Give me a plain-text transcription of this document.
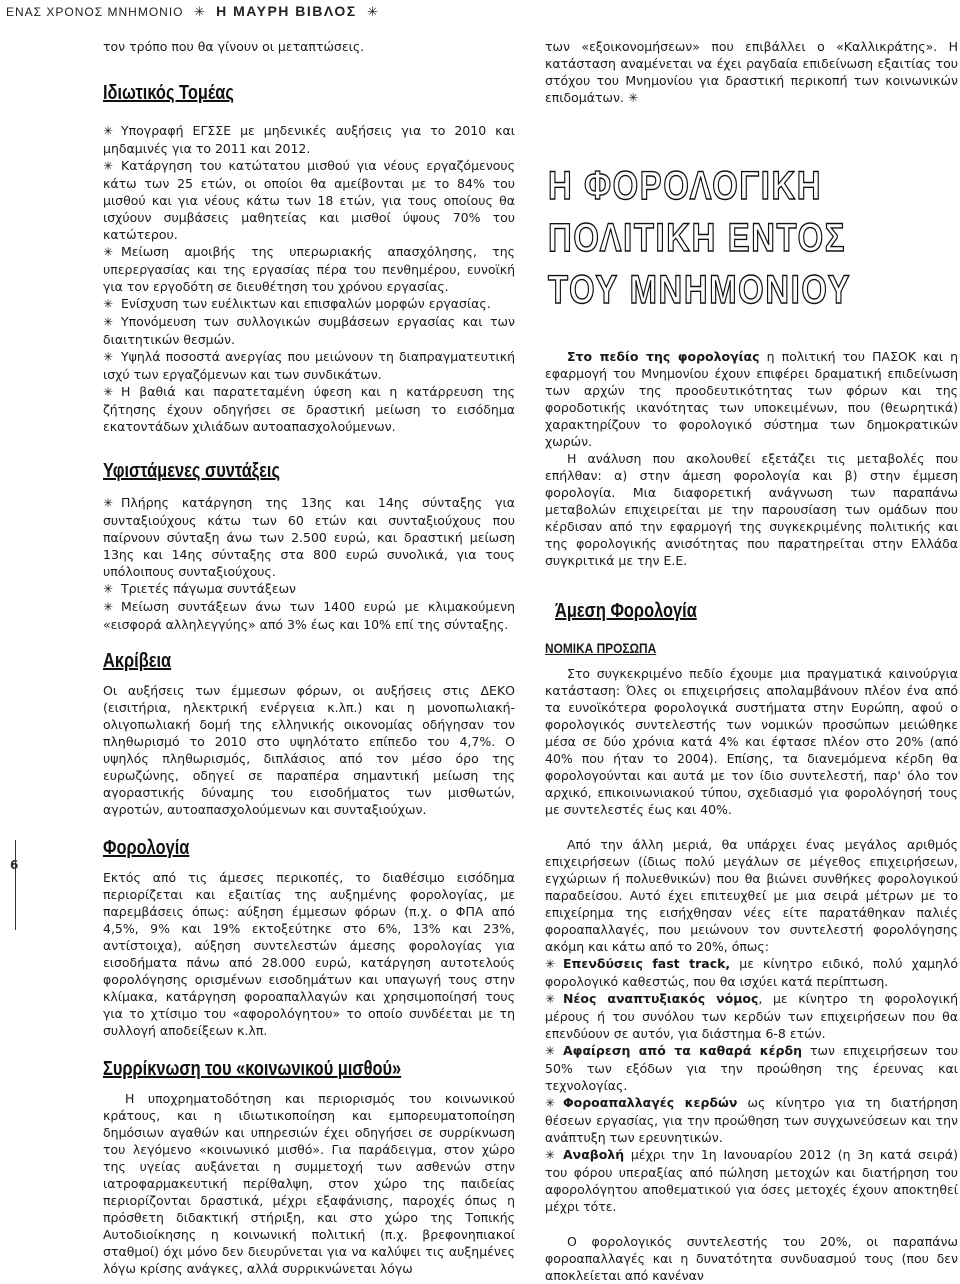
ΕΝΑΣ ΧΡΟΝΟΣ ΜΝΗΜΟΝΙΟ ✳ Η ΜΑΥΡΗ ΒΙΒΛΟΣ ✳
6

τον τρόπο που θα γίνουν οι μεταπτώσεις.

Ιδιωτικός Τομέας

✳ Υπογραφή ΕΓΣΣΕ με μηδενικές αυξήσεις για το 2010 και μηδαμινές για το 2011 και 2012.

✳ Κατάργηση του κατώτατου μισθού για νέους εργαζόμενους κάτω των 25 ετών, οι οποίοι θα αμείβονται με το 84% του μισθού και για νέους κάτω των 18 ετών, για τους οποίους θα ισχύουν συμβάσεις μαθητείας και μισθοί ύψους 70% του κατώτερου.

✳ Μείωση αμοιβής της υπερωριακής απασχόλησης, της υπερεργασίας και της εργασίας πέρα του πενθημέρου, ευνοϊκή για τον εργοδότη σε διευθέτηση του χρόνου εργασίας.

✳ Ενίσχυση των ευέλικτων και επισφαλών μορφών εργασίας.

✳ Υπονόμευση των συλλογικών συμβάσεων εργασίας και των διαιτητικών θεσμών.

✳ Υψηλά ποσοστά ανεργίας που μειώνουν τη διαπραγματευτική ισχύ των εργαζόμενων και των συνδικάτων.

✳ Η βαθιά και παρατεταμένη ύφεση και η κατάρρευση της ζήτησης έχουν οδηγήσει σε δραστική μείωση το εισόδημα εκατοντάδων χιλιάδων αυτοαπασχολούμενων.

Υφιστάμενες συντάξεις

✳ Πλήρης κατάργηση της 13ης και 14ης σύνταξης για συνταξιούχους κάτω των 60 ετών και συνταξιούχους που παίρνουν σύνταξη άνω των 2.500 ευρώ, και δραστική μείωση 13ης και 14ης σύνταξης στα 800 ευρώ συνολικά, για τους υπόλοιπους συνταξιούχους.

✳ Τριετές πάγωμα συντάξεων

✳ Μείωση συντάξεων άνω των 1400 ευρώ με κλιμακούμενη «εισφορά αλληλεγγύης» από 3% έως και 10% επί της σύνταξης.

Ακρίβεια

Οι αυξήσεις των έμμεσων φόρων, οι αυξήσεις στις ΔΕΚΟ (εισιτήρια, ηλεκτρική ενέργεια κ.λπ.) και η μονοπωλιακή-ολιγοπωλιακή δομή της ελληνικής οικονομίας οδήγησαν τον πληθωρισμό το 2010 στο υψηλότατο επίπεδο του 4,7%. Ο υψηλός πληθωρισμός, διπλάσιος από τον μέσο όρο της ευρωζώνης, οδηγεί σε παραπέρα σημαντική μείωση της αγοραστικής δύναμης του εισοδήματος των μισθωτών, αγροτών, αυτοαπασχολούμενων και συνταξιούχων.

Φορολογία

Εκτός από τις άμεσες περικοπές, το διαθέσιμο εισόδημα περιορίζεται και εξαιτίας της αυξημένης φορολογίας, με παρεμβάσεις όπως: αύξηση έμμεσων φόρων (π.χ. ο ΦΠΑ από 4,5%, 9% και 19% εκτοξεύτηκε στο 6%, 13% και 23%, αντίστοιχα), αύξηση συντελεστών άμεσης φορολογίας για εισοδήματα πάνω από 28.000 ευρώ, κατάργηση αυτοτελούς φορολόγησης ορισμένων εισοδημάτων και υπαγωγή τους στην κλίμακα, κατάργηση φοροαπαλλαγών και χρησιμοποίησή τους για το χτίσιμο του «αφορολόγητου» το οποίο συνδέεται με τη συλλογή αποδείξεων κ.λπ.

Συρρίκνωση του «κοινωνικού μισθού»

Η υποχρηματοδότηση και περιορισμός του κοινωνικού κράτους, και η ιδιωτικοποίηση και εμπορευματοποίηση δημόσιων αγαθών και υπηρεσιών έχει οδηγήσει σε συρρίκνωση του λεγόμενο «κοινωνικό μισθό». Για παράδειγμα, στον χώρο της υγείας αυξάνεται η συμμετοχή των ασθενών στην ιατροφαρμακευτική περίθαλψη, στον χώρο της παιδείας περιορίζονται δραστικά, μέχρι εξαφάνισης, παροχές όπως η πρόσθετη διδακτική στήριξη, και στο χώρο της Τοπικής Αυτοδιοίκησης η κοινωνική πολιτική (π.χ. βρεφονηπιακοί σταθμοί) όχι μόνο δεν διευρύνεται για να καλύψει τις αυξημένες λόγω κρίσης ανάγκες, αλλά συρρικνώνεται λόγω

των «εξοικονομήσεων» που επιβάλλει ο «Καλλικράτης». Η κατάσταση αναμένεται να έχει ραγδαία επιδείνωση εξαιτίας του στόχου του Μνημονίου για δραστική περικοπή των κοινωνικών επιδομάτων. ✳

Η ΦΟΡΟΛΟΓΙΚΗ
ΠΟΛΙΤΙΚΗ ΕΝΤΟΣ
ΤΟΥ ΜΝΗΜΟΝΙΟΥ

Στο πεδίο της φορολογίας η πολιτική του ΠΑΣΟΚ και η εφαρμογή του Μνημονίου έχουν επιφέρει δραματική επιδείνωση των αρχών της προοδευτικότητας των φόρων και της φοροδοτικής ικανότητας των υποκειμένων, που (θεωρητικά) χαρακτηρίζουν το φορολογικό σύστημα των δημοκρατικών χωρών.

Η ανάλυση που ακολουθεί εξετάζει τις μεταβολές που επήλθαν: α) στην άμεση φορολογία και β) στην έμμεση φορολογία. Μια διαφορετική ανάγνωση των παραπάνω μεταβολών επιχειρείται με την παρουσίαση των ομάδων που κέρδισαν από την εφαρμογή της συγκεκριμένης πολιτικής και της φορολογικής ανισότητας που παρατηρείται στην Ελλάδα συγκριτικά με την Ε.Ε.

Άμεση Φορολογία
ΝΟΜΙΚΑ ΠΡΟΣΩΠΑ

Στο συγκεκριμένο πεδίο έχουμε μια πραγματικά καινούργια κατάσταση: Όλες οι επιχειρήσεις απολαμβάνουν πλέον ένα από τα ευνοϊκότερα φορολογικά συστήματα στην Ευρώπη, αφού ο φορολογικός συντελεστής των νομικών προσώπων μειώθηκε μέσα σε δύο χρόνια κατά 4% και έφτασε πλέον στο 20% (από 40% που ήταν το 2004). Επίσης, τα διανεμόμενα κέρδη θα φορολογούνται και αυτά με τον ίδιο συντελεστή, παρ' όλο τον αρχικό, επικοινωνιακού τύπου, σχεδιασμό για φορολόγησή τους με συντελεστές έως και 40%.

Από την άλλη μεριά, θα υπάρχει ένας μεγάλος αριθμός επιχειρήσεων (ίδιως πολύ μεγάλων σε μέγεθος επιχειρήσεων, εγχώριων ή πολυεθνικών) που θα βιώνει συνθήκες φορολογικού παραδείσου. Αυτό έχει επιτευχθεί με μια σειρά μέτρων με το επιχείρημα της εισήχθησαν νέες είτε παρατάθηκαν παλιές φοροαπαλλαγές, που μειώνουν τον συντελεστή φορολόγησης ακόμη και κάτω από το 20%, όπως:

✳ Επενδύσεις fast track, με κίνητρο ειδικό, πολύ χαμηλό φορολογικό καθεστώς, που θα ισχύει κατά περίπτωση.

✳ Νέος αναπτυξιακός νόμος, με κίνητρο τη φορολογική μέρους ή του συνόλου των κερδών των επιχειρήσεων που θα επενδύουν σε αυτόν, για διάστημα 6-8 ετών.

✳ Αφαίρεση από τα καθαρά κέρδη των επιχειρήσεων του 50% των εξόδων για την προώθηση της έρευνας και τεχνολογίας.

✳ Φοροαπαλλαγές κερδών ως κίνητρο για τη διατήρηση θέσεων εργασίας, για την προώθηση των συγχωνεύσεων και την ανάπτυξη των ερευνητικών.

✳ Αναβολή μέχρι την 1η Ιανουαρίου 2012 (η 3η κατά σειρά) του φόρου υπεραξίας από πώληση μετοχών και διατήρηση του αφορολόγητου αποθεματικού για όσες μετοχές έχουν αποκτηθεί μέχρι τότε.

Ο φορολογικός συντελεστής του 20%, οι παραπάνω φοροαπαλλαγές και η δυνατότητα συνδυασμού τους (που δεν αποκλείεται από κανέναν
